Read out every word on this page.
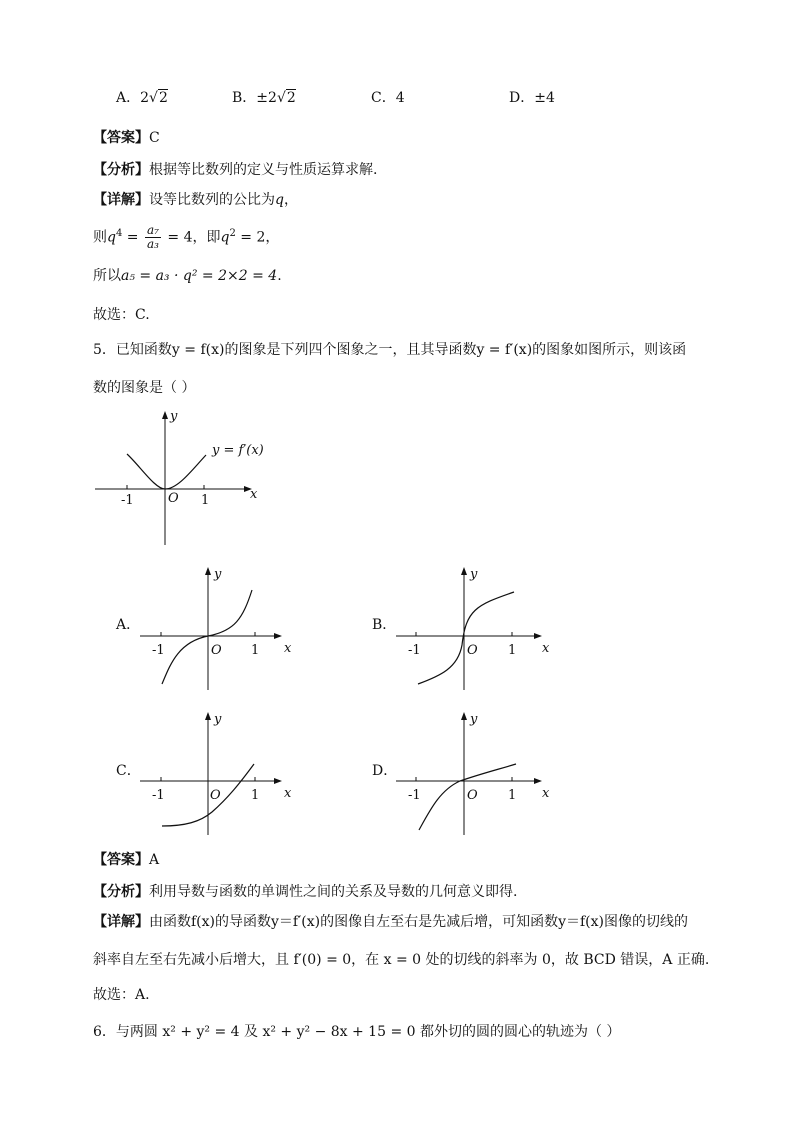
A．2√2	B．±2√2	C．4	D．±4
【答案】C
【分析】根据等比数列的定义与性质运算求解.
【详解】设等比数列的公比为q，
则$q^4 = \frac{\text{a₇}}{\text{a₃}} = 4$，即$q^2 = 2$，
所以a₅ = a₃ · q² = 2×2 = 4.
故选：C.
5．已知函数y = f(x)的图象是下列四个图象之一，且其导函数y = f′(x)的图象如图所示，则该函
数的图象是（ ）
y = f′(x)
y
x
O
-1	1
A．
y
x
O
-1	1
B．
y
x
O
-1	1
C．
y
x
O
-1	1
D．
y
x
O
-1	1
【答案】A
【分析】利用导数与函数的单调性之间的关系及导数的几何意义即得.
【详解】由函数f(x)的导函数y＝f′(x)的图像自左至右是先减后增，可知函数y＝f(x)图像的切线的
斜率自左至右先减小后增大，且 f′(0) = 0，在 x = 0 处的切线的斜率为 0，故 BCD 错误，A 正确.
故选：A.
6．与两圆 x² + y² = 4 及 x² + y² − 8x + 15 = 0 都外切的圆的圆心的轨迹为（ ）
